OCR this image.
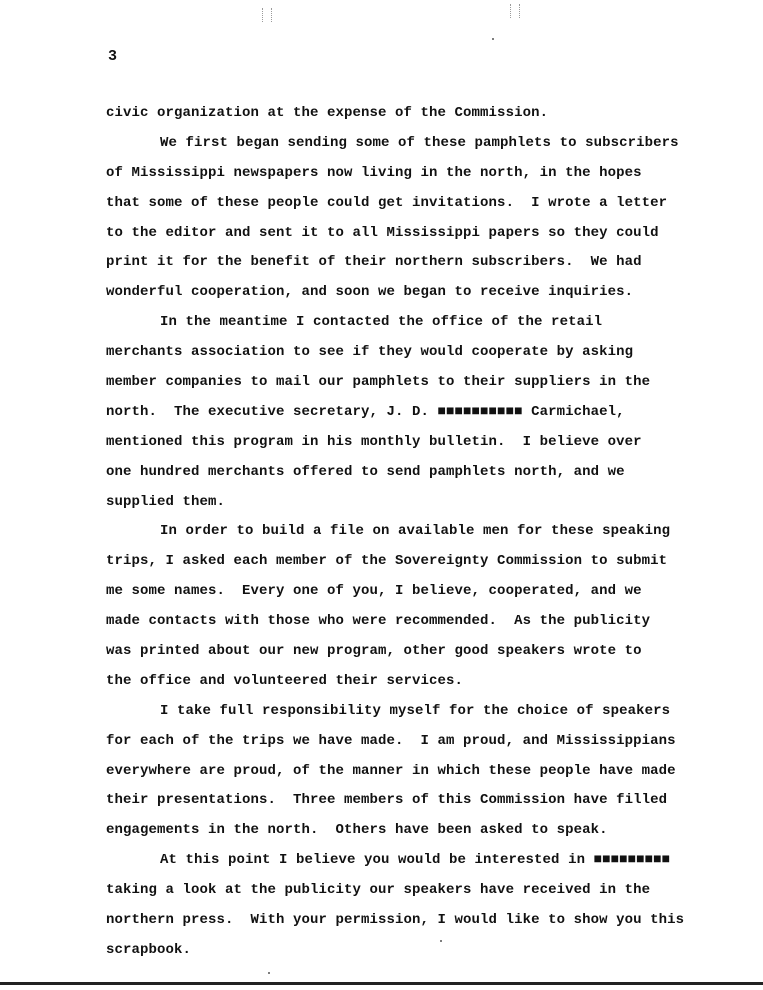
3

civic organization at the expense of the Commission.
We first began sending some of these pamphlets to subscribers
of Mississippi newspapers now living in the north, in the hopes
that some of these people could get invitations.  I wrote a letter
to the editor and sent it to all Mississippi papers so they could
print it for the benefit of their northern subscribers.  We had
wonderful cooperation, and soon we began to receive inquiries.
In the meantime I contacted the office of the retail
merchants association to see if they would cooperate by asking
member companies to mail our pamphlets to their suppliers in the
north.  The executive secretary, J. D. ■■■■■■■■■■ Carmichael,
mentioned this program in his monthly bulletin.  I believe over
one hundred merchants offered to send pamphlets north, and we
supplied them.
In order to build a file on available men for these speaking
trips, I asked each member of the Sovereignty Commission to submit
me some names.  Every one of you, I believe, cooperated, and we
made contacts with those who were recommended.  As the publicity
was printed about our new program, other good speakers wrote to
the office and volunteered their services.
I take full responsibility myself for the choice of speakers
for each of the trips we have made.  I am proud, and Mississippians
everywhere are proud, of the manner in which these people have made
their presentations.  Three members of this Commission have filled
engagements in the north.  Others have been asked to speak.
At this point I believe you would be interested in ■■■■■■■■■
taking a look at the publicity our speakers have received in the
northern press.  With your permission, I would like to show you this
scrapbook.
